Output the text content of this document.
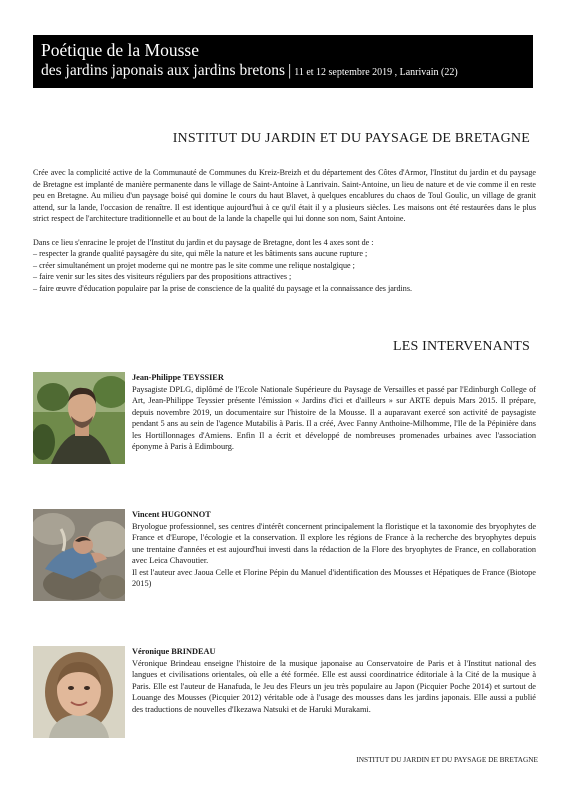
Poétique de la Mousse
des jardins japonais aux jardins bretons | 11 et 12 septembre 2019 , Lanrivain (22)
INSTITUT DU JARDIN ET DU PAYSAGE DE BRETAGNE

Crée avec la complicité active de la Communauté de Communes du Kreiz-Breizh et du département des Côtes d'Armor, l'Institut du jardin et du paysage de Bretagne est implanté de manière permanente dans le village de Saint-Antoine à Lanrivain. Saint-Antoine, un lieu de nature et de vie comme il en reste peu en Bretagne. Au milieu d'un paysage boisé qui domine le cours du haut Blavet, à quelques encablures du chaos de Toul Goulic, un village de granit attend, sur la lande, l'occasion de renaître. Il est identique aujourd'hui à ce qu'il était il y a plusieurs siècles. Les maisons ont été restaurées dans le plus strict respect de l'architecture traditionnelle et au bout de la lande la chapelle qui lui donne son nom, Saint Antoine.

Dans ce lieu s'enracine le projet de l'Institut du jardin et du paysage de Bretagne, dont les 4 axes sont de :
– respecter la grande qualité paysagère du site, qui mêle la nature et les bâtiments sans aucune rupture ;
– créer simultanément un projet moderne qui ne montre pas le site comme une relique nostalgique ;
– faire venir sur les sites des visiteurs réguliers par des propositions attractives ;
– faire œuvre d'éducation populaire par la prise de conscience de la qualité du paysage et la connaissance des jardins.
LES INTERVENANTS
Jean-Philippe TEYSSIER
Paysagiste DPLG, diplômé de l'Ecole Nationale Supérieure du Paysage de Versailles et passé par l'Edinburgh College of Art, Jean-Philippe Teyssier présente l'émission « Jardins d'ici et d'ailleurs » sur ARTE depuis Mars 2015. Il prépare, depuis novembre 2019, un documentaire sur l'histoire de la Mousse. Il a auparavant exercé son activité de paysagiste pendant 5 ans au sein de l'agence Mutabilis à Paris. Il a créé, Avec Fanny Anthoine-Milhomme, l'Ile de la Pépinière dans les Hortillonnages d'Amiens. Enfin Il a écrit et développé de nombreuses promenades urbaines avec l'association éponyme à Paris à Edimbourg.
Vincent HUGONNOT
Bryologue professionnel, ses centres d'intérêt concernent principalement la floristique et la taxonomie des bryophytes de France et d'Europe, l'écologie et la conservation. Il explore les régions de France à la recherche des bryophytes depuis une trentaine d'années et est aujourd'hui investi dans la rédaction de la Flore des bryophytes de France, en collaboration avec Leica Chavoutier.
Il est l'auteur avec Jaoua Celle et Florine Pépin du Manuel d'identification des Mousses et Hépatiques de France (Biotope 2015)
Véronique BRINDEAU
Véronique Brindeau enseigne l'histoire de la musique japonaise au Conservatoire de Paris et à l'Institut national des langues et civilisations orientales, où elle a été formée. Elle est aussi coordinatrice éditoriale à la Cité de la musique à Paris. Elle est l'auteur de Hanafuda, le Jeu des Fleurs un jeu très populaire au Japon (Picquier Poche 2014) et surtout de Louange des Mousses (Picquier 2012) véritable ode à l'usage des mousses dans les jardins japonais. Elle aussi a publié des traductions de nouvelles d'Ikezawa Natsuki et de Haruki Murakami.
INSTITUT DU JARDIN ET DU PAYSAGE DE BRETAGNE
